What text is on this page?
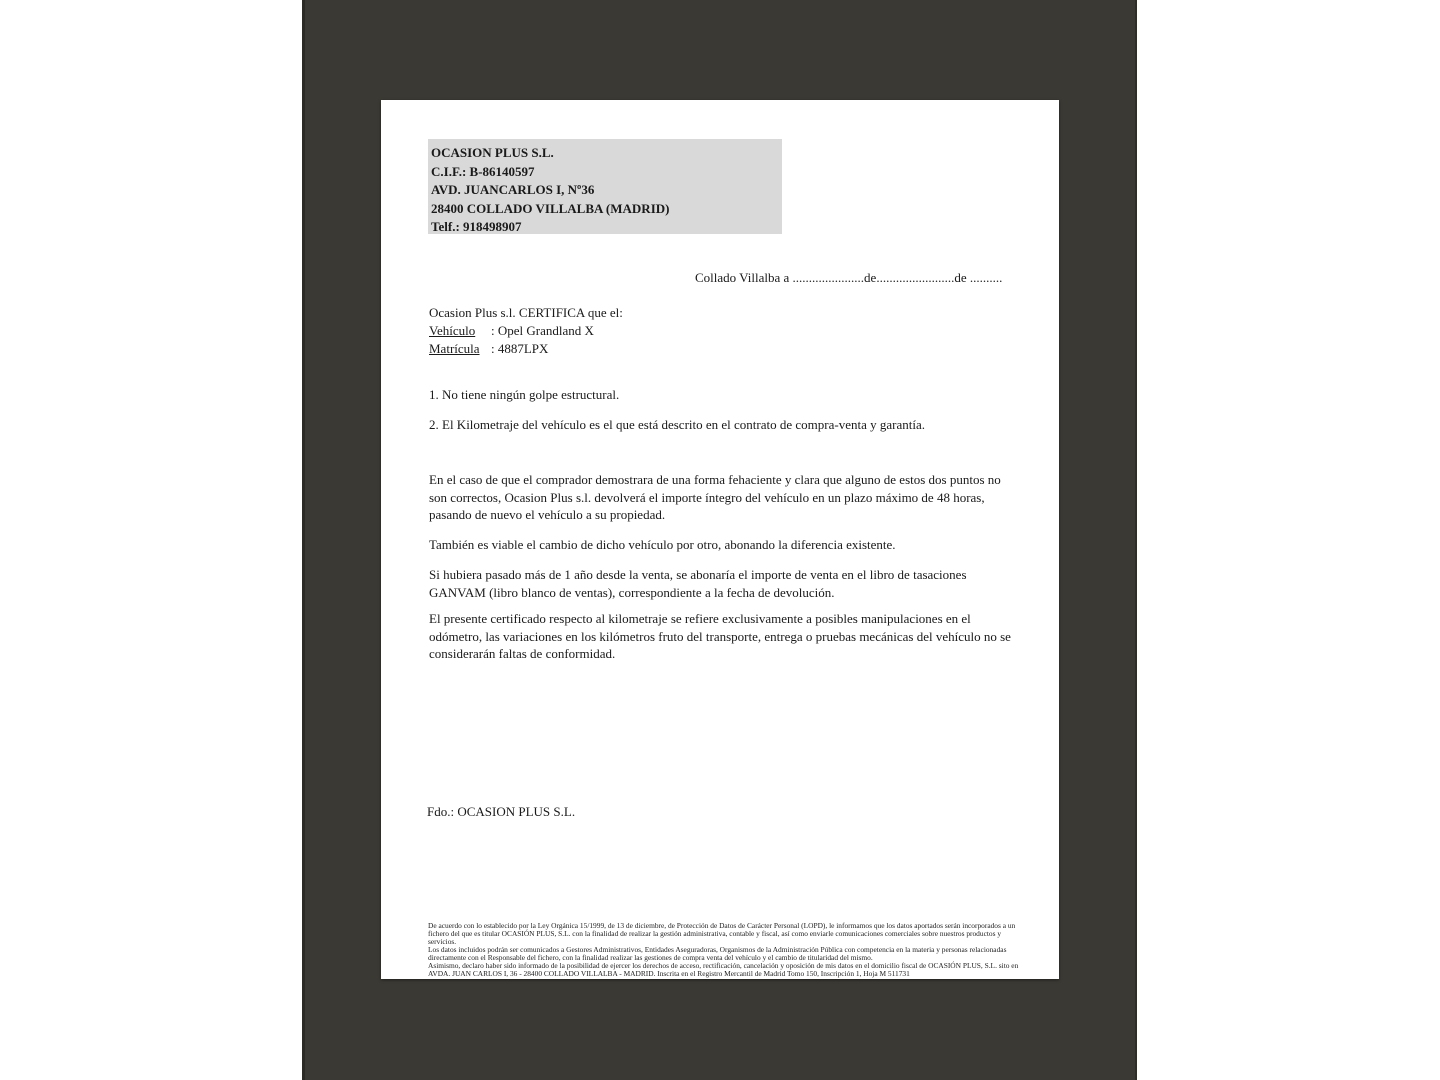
OCASION PLUS S.L.
C.I.F.: B-86140597
AVD. JUANCARLOS I, Nº36
28400 COLLADO VILLALBA (MADRID)
Telf.: 918498907
Collado Villalba a ......................de........................de ..........
Ocasion Plus s.l. CERTIFICA que el:
Vehículo : Opel Grandland X
Matrícula : 4887LPX
1. No tiene ningún golpe estructural.
2. El Kilometraje del vehículo es el que está descrito en el contrato de compra-venta y garantía.

En el caso de que el comprador demostrara de una forma fehaciente y clara que alguno de estos dos puntos no son correctos, Ocasion Plus s.l. devolverá el importe íntegro del vehículo en un plazo máximo de 48 horas, pasando de nuevo el vehículo a su propiedad.

También es viable el cambio de dicho vehículo por otro, abonando la diferencia existente.

Si hubiera pasado más de 1 año desde la venta, se abonaría el importe de venta en el libro de tasaciones GANVAM (libro blanco de ventas), correspondiente a la fecha de devolución.

El presente certificado respecto al kilometraje se refiere exclusivamente a posibles manipulaciones en el odómetro, las variaciones en los kilómetros fruto del transporte, entrega o pruebas mecánicas del vehículo no se considerarán faltas de conformidad.

Fdo.: OCASION PLUS S.L.

De acuerdo con lo establecido por la Ley Orgánica 15/1999, de 13 de diciembre, de Protección de Datos de Carácter Personal (LOPD), le informamos que los datos aportados serán incorporados a un fichero del que es titular OCASIÓN PLUS, S.L. con la finalidad de realizar la gestión administrativa, contable y fiscal, así como enviarle comunicaciones comerciales sobre nuestros productos y servicios.

Los datos incluidos podrán ser comunicados a Gestores Administrativos, Entidades Aseguradoras, Organismos de la Administración Pública con competencia en la materia y personas relacionadas directamente con el Responsable del fichero, con la finalidad realizar las gestiones de compra venta del vehículo y el cambio de titularidad del mismo.

Asimismo, declaro haber sido informado de la posibilidad de ejercer los derechos de acceso, rectificación, cancelación y oposición de mis datos en el domicilio fiscal de OCASIÓN PLUS, S.L. sito en AVDA. JUAN CARLOS I, 36 - 28400 COLLADO VILLALBA - MADRID. Inscrita en el Registro Mercantil de Madrid Tomo 150, Inscripción 1, Hoja M 511731
